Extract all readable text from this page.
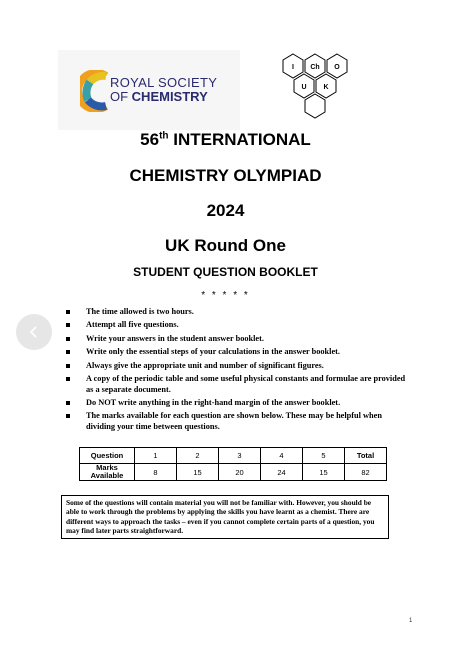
ROYAL SOCIETY
OF CHEMISTRY
I Ch O
U K
56th INTERNATIONAL
CHEMISTRY OLYMPIAD
2024
UK Round One
STUDENT QUESTION BOOKLET
* * * * *
The time allowed is two hours.
Attempt all five questions.
Write your answers in the student answer booklet.
Write only the essential steps of your calculations in the answer booklet.
Always give the appropriate unit and number of significant figures.
A copy of the periodic table and some useful physical constants and formulae are provided as a separate document.
Do NOT write anything in the right-hand margin of the answer booklet.
The marks available for each question are shown below. These may be helpful when dividing your time between questions.
Question	1	2	3	4	5	Total
Marks Available	8	15	20	24	15	82
Some of the questions will contain material you will not be familiar with. However, you should be able to work through the problems by applying the skills you have learnt as a chemist. There are different ways to approach the tasks – even if you cannot complete certain parts of a question, you may find later parts straightforward.
1
